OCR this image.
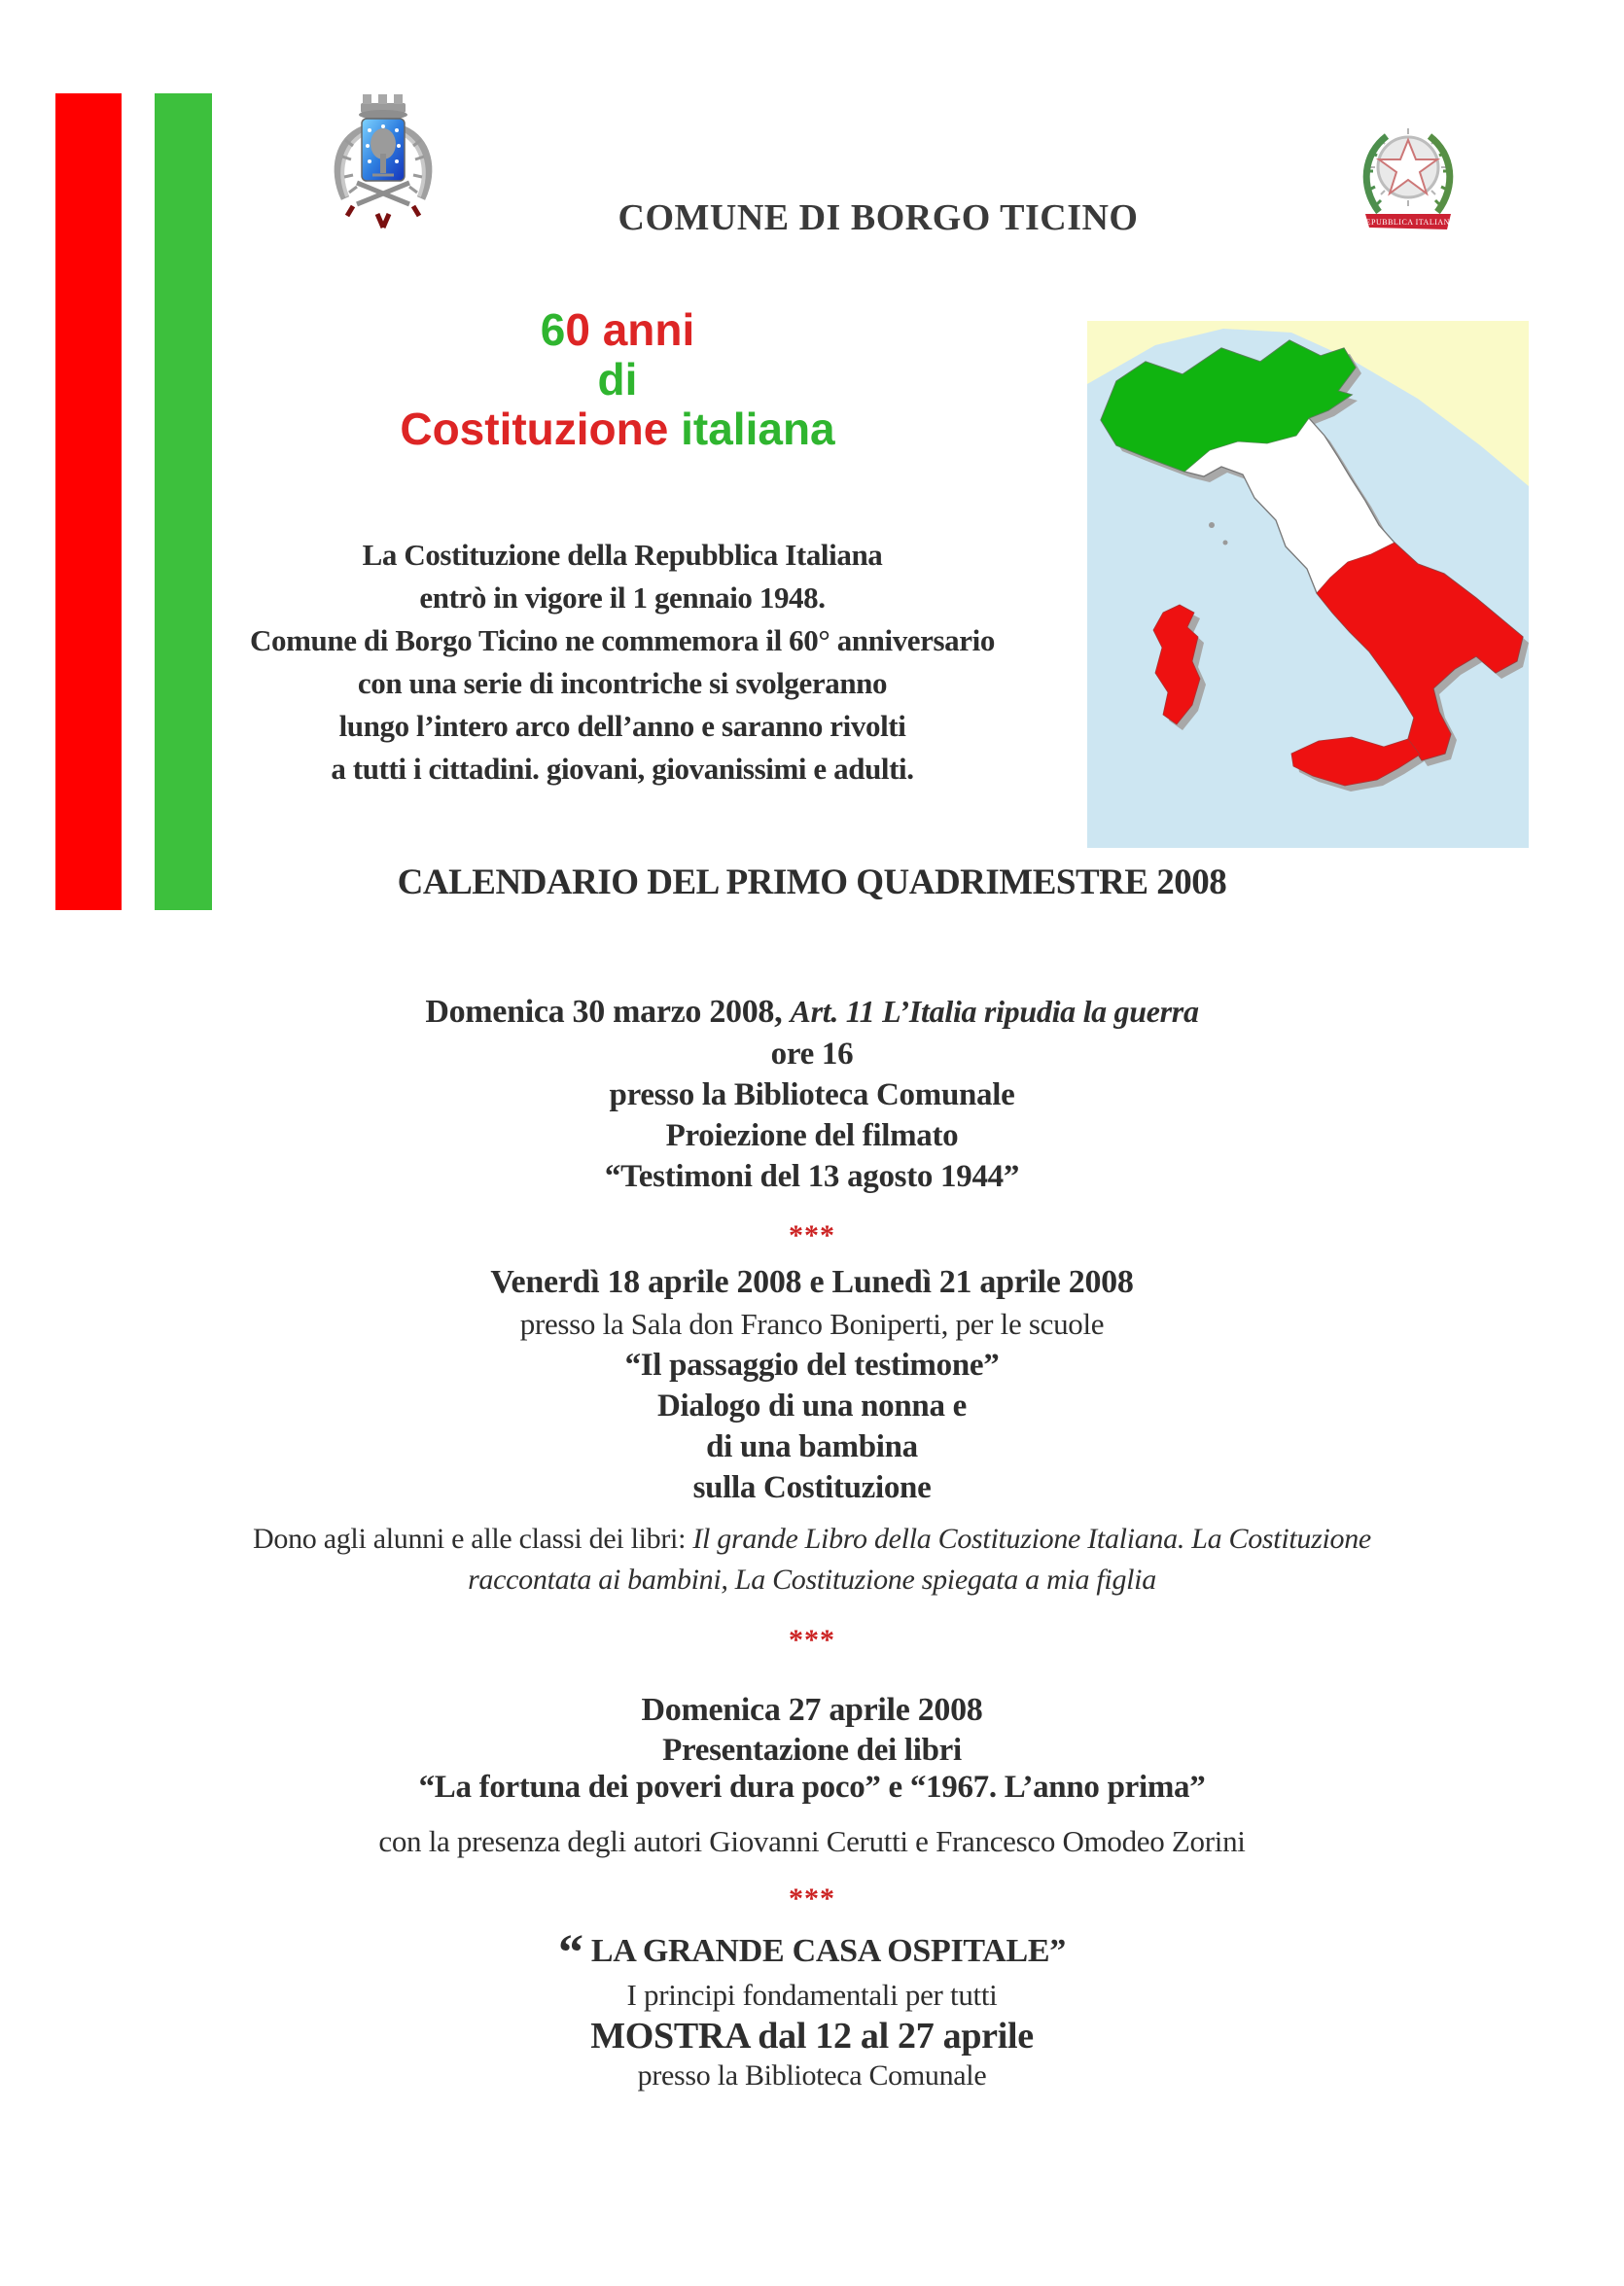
COMUNE DI BORGO TICINO	REPUBBLICA ITALIANA
60 anni
di
Costituzione italiana
La Costituzione della Repubblica Italiana
entrò in vigore il 1 gennaio 1948.
Comune di Borgo Ticino ne commemora il 60° anniversario
con una serie di incontriche si svolgeranno
lungo l’intero arco dell’anno e saranno rivolti
a tutti i cittadini. giovani, giovanissimi e adulti.
CALENDARIO DEL PRIMO QUADRIMESTRE 2008
Domenica 30 marzo 2008, Art. 11 L’Italia ripudia la guerra
ore 16
presso la Biblioteca Comunale
Proiezione del filmato
“Testimoni del 13 agosto 1944”
***
Venerdì 18 aprile 2008 e Lunedì 21 aprile 2008
presso la Sala don Franco Boniperti, per le scuole
“Il passaggio del testimone”
Dialogo di una nonna e
di una bambina
sulla Costituzione
Dono agli alunni e alle classi dei libri: Il grande Libro della Costituzione Italiana. La Costituzione
raccontata ai bambini, La Costituzione spiegata a mia figlia
***
Domenica 27 aprile 2008
Presentazione dei libri
“La fortuna dei poveri dura poco” e “1967. L’anno prima”
con la presenza degli autori Giovanni Cerutti e Francesco Omodeo Zorini
***
“ LA GRANDE CASA OSPITALE”
I principi fondamentali per tutti
MOSTRA dal 12 al 27 aprile
presso la Biblioteca Comunale
